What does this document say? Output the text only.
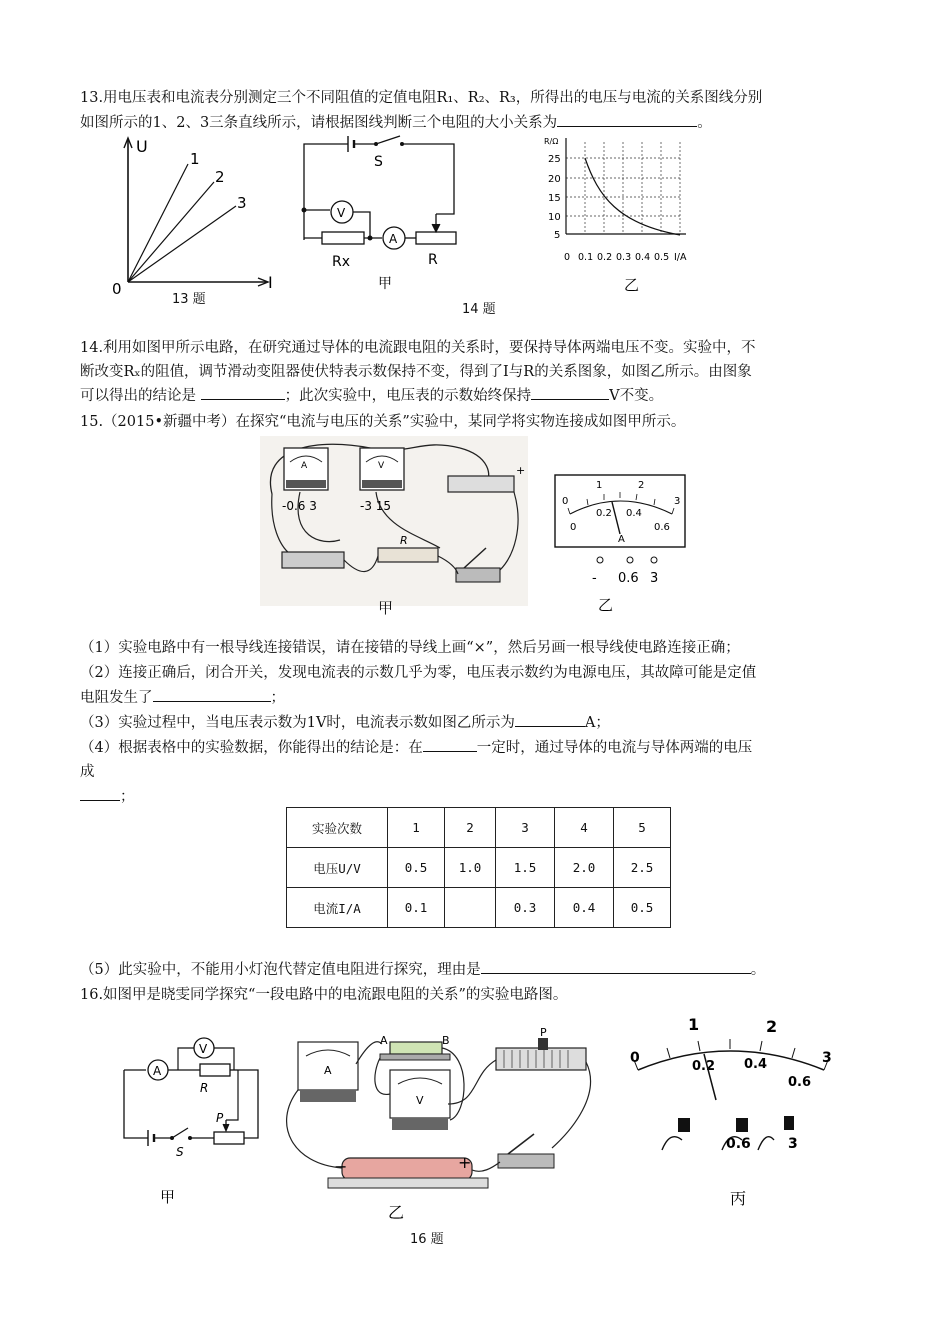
13.用电压表和电流表分别测定三个不同阻值的定值电阻R₁、R₂、R₃，所得出的电压与电流的关系图线分别
如图所示的1、2、3三条直线所示，请根据图线判断三个电阻的大小关系为	。
U
I
0
1
2
3
13 题
S
V
A
Rx	R
甲
R/Ω
25
20
15
10
5
0 0.1 0.2 0.3 0.4 0.5 I/A
乙
14 题
14.利用如图甲所示电路，在研究通过导体的电流跟电阻的关系时，要保持导体两端电压不变。实验中，不
断改变Rₓ的阻值，调节滑动变阻器使伏特表示数保持不变，得到了I与R的关系图象，如图乙所示。由图象
可以得出的结论是	；此次实验中，电压表的示数始终保持	V不变。
15.（2015•新疆中考）在探究“电流与电压的关系”实验中，某同学将实物连接成如图甲所示。
A
-0.6 3
V
-3 15
+
R
甲
0
1	2
3
0
0.2 0.4
0.6
A
- 0.6 3
乙
（1）实验电路中有一根导线连接错误，请在接错的导线上画“×”，然后另画一根导线使电路连接正确；
（2）连接正确后，闭合开关，发现电流表的示数几乎为零，电压表示数约为电源电压，其故障可能是定值
电阻发生了	；
（3）实验过程中，当电压表示数为1V时，电流表示数如图乙所示为	A；
（4）根据表格中的实验数据，你能得出的结论是：在	一定时，通过导体的电流与导体两端的电压
成
；
实验次数	1	2	3	4	5
电压U/V	0.5	1.0	1.5	2.0	2.5
电流I/A	0.1		0.3	0.4	0.5
（5）此实验中，不能用小灯泡代替定值电阻进行探究，理由是	。
16.如图甲是晓雯同学探究“一段电路中的电流跟电阻的关系”的实验电路图。
S
P
A
R
V
甲
A	B
A
V
P
−	+
乙
16 题
0
1	2
3
0.2 0.4
0.6
0.6	3
丙
